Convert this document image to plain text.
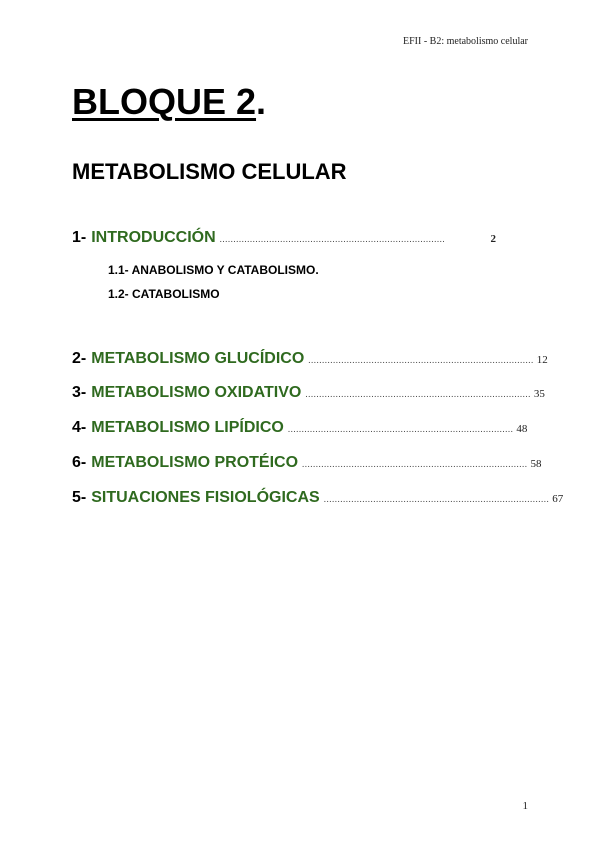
EFII - B2: metabolismo celular
BLOQUE 2.
METABOLISMO CELULAR
1- INTRODUCCIÓN ..................................................................................	2
1.1- ANABOLISMO Y CATABOLISMO.
1.2- CATABOLISMO
2- METABOLISMO GLUCÍDICO .................................................................................. 12
3- METABOLISMO OXIDATIVO .................................................................................. 35
4- METABOLISMO LIPÍDICO .................................................................................. 48
6- METABOLISMO PROTÉICO .................................................................................. 58
5- SITUACIONES FISIOLÓGICAS .................................................................................. 67
1
